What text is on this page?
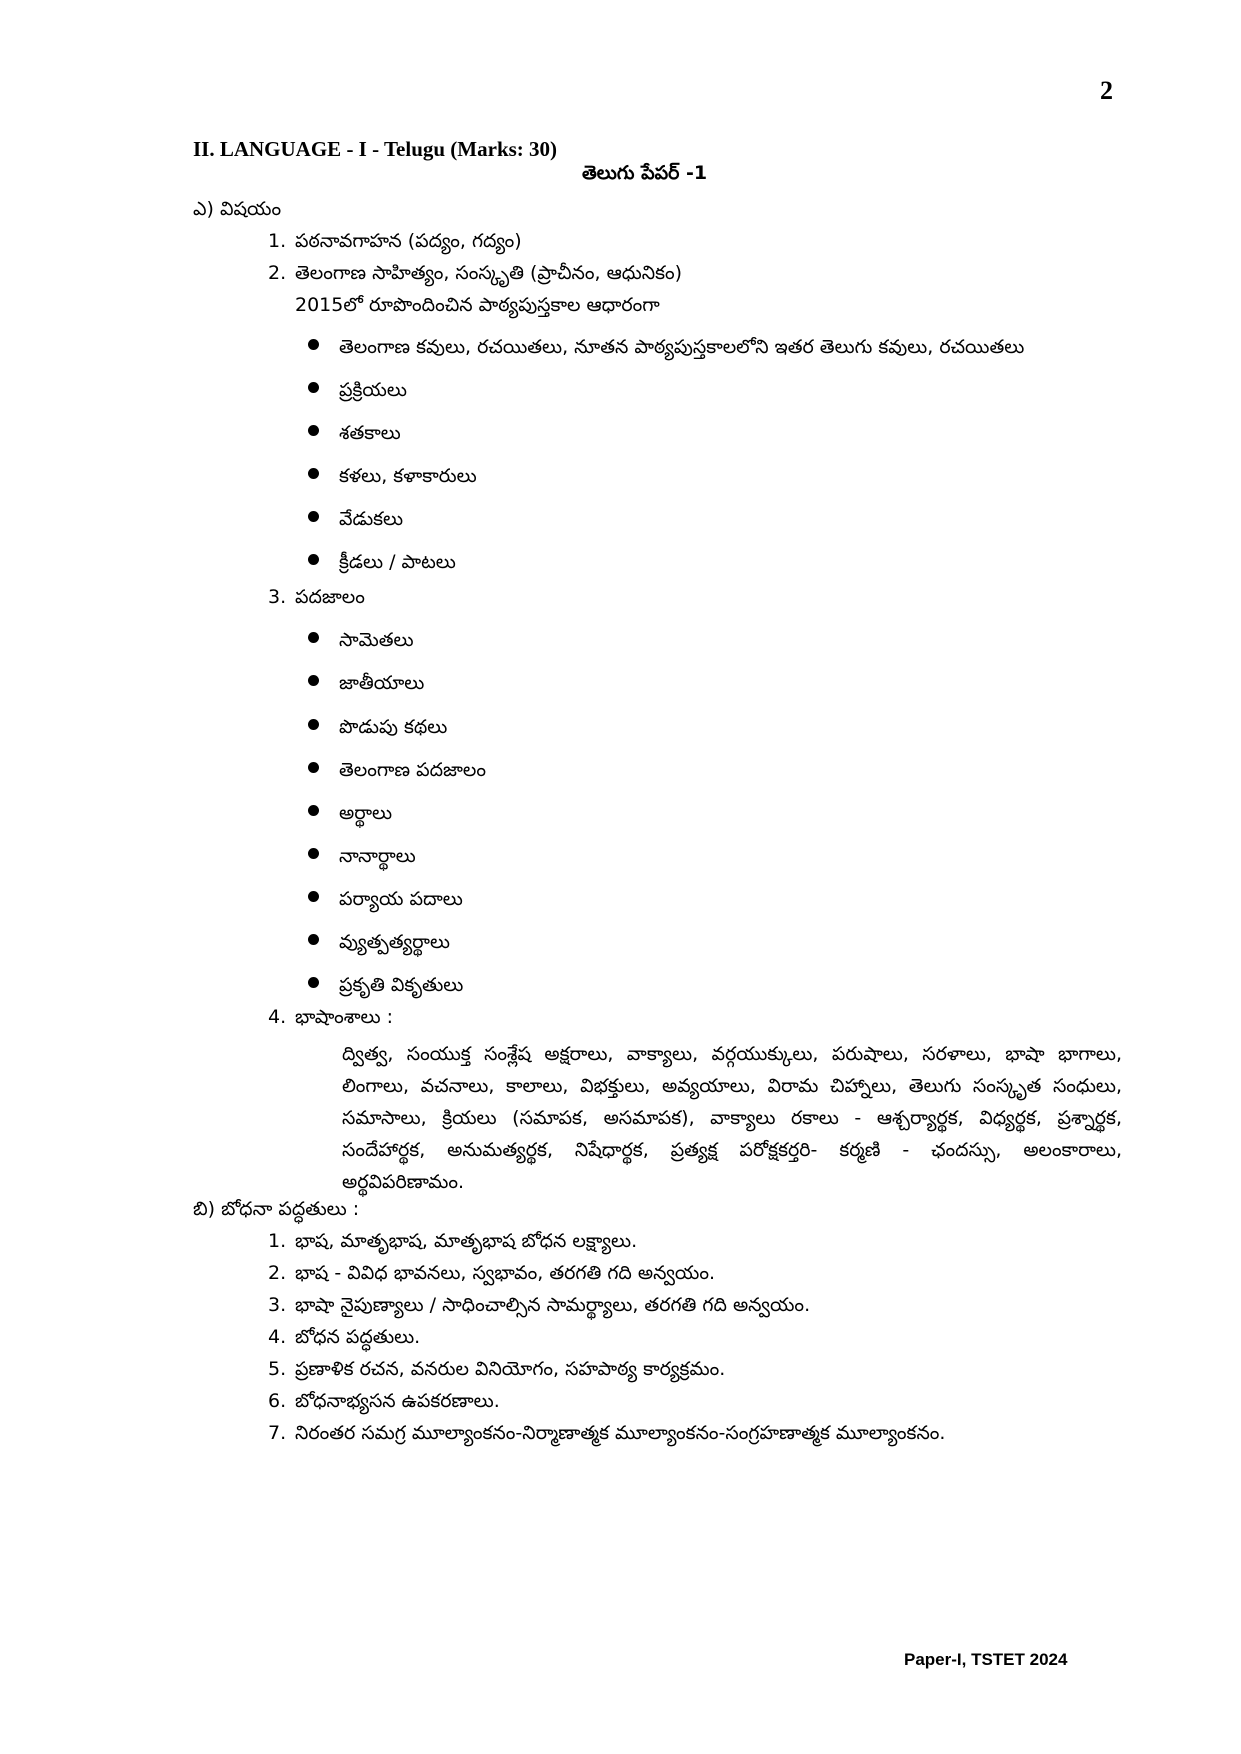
2
II. LANGUAGE - I - Telugu (Marks: 30)
తెలుగు పేపర్ -1
ఎ) విషయం
1. పఠనావగాహన (పద్యం, గద్యం)
2. తెలంగాణ సాహిత్యం, సంస్కృతి (ప్రాచీనం, ఆధునికం)
2015లో రూపొందించిన పాఠ్యపుస్తకాల ఆధారంగా
తెలంగాణ కవులు, రచయితలు, నూతన పాఠ్యపుస్తకాలలోని ఇతర తెలుగు కవులు, రచయితలు
ప్రక్రియలు
శతకాలు
కళలు, కళాకారులు
వేడుకలు
క్రీడలు / పాటలు
3. పదజాలం
సామెతలు
జాతీయాలు
పొడుపు కథలు
తెలంగాణ పదజాలం
అర్థాలు
నానార్థాలు
పర్యాయ పదాలు
వ్యుత్పత్యర్థాలు
ప్రకృతి వికృతులు
4. భాషాంశాలు :
ద్విత్వ, సంయుక్త సంశ్లేష అక్షరాలు, వాక్యాలు, వర్గయుక్కులు, పరుషాలు, సరళాలు, భాషా భాగాలు, లింగాలు, వచనాలు, కాలాలు, విభక్తులు, అవ్యయాలు, విరామ చిహ్నాలు, తెలుగు సంస్కృత సంధులు, సమాసాలు, క్రియలు (సమాపక, అసమాపక), వాక్యాలు రకాలు - ఆశ్చర్యార్థక, విధ్యర్థక, ప్రశ్నార్థక, సందేహార్థక, అనుమత్యర్థక, నిషేధార్థక, ప్రత్యక్ష పరోక్షకర్తరి- కర్మణి - ఛందస్సు, అలంకారాలు, అర్థవిపరిణామం.
బి) బోధనా పద్ధతులు :
1. భాష, మాతృభాష, మాతృభాష బోధన లక్ష్యాలు.
2. భాష - వివిధ భావనలు, స్వభావం, తరగతి గది అన్వయం.
3. భాషా నైపుణ్యాలు / సాధించాల్సిన సామర్థ్యాలు, తరగతి గది అన్వయం.
4. బోధన పద్ధతులు.
5. ప్రణాళిక రచన, వనరుల వినియోగం, సహపాఠ్య కార్యక్రమం.
6. బోధనాభ్యసన ఉపకరణాలు.
7. నిరంతర సమగ్ర మూల్యాంకనం-నిర్మాణాత్మక మూల్యాంకనం-సంగ్రహణాత్మక మూల్యాంకనం.
Paper-I, TSTET 2024
